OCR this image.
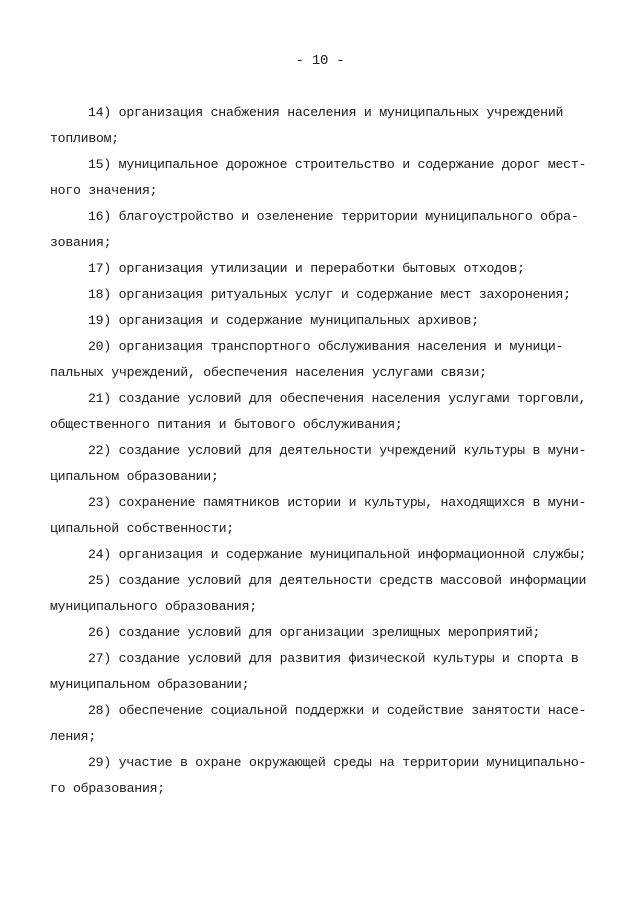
- 10 -
14) организация снабжения населения и муниципальных учреждений
топливом;
15) муниципальное дорожное строительство и содержание дорог мест-
ного значения;
16) благоустройство и озеленение территории муниципального обра-
зования;
17) организация утилизации и переработки бытовых отходов;
18) организация ритуальных услуг и содержание мест захоронения;
19) организация и содержание муниципальных архивов;
20) организация транспортного обслуживания населения и муници-
пальных учреждений, обеспечения населения услугами связи;
21) создание условий для обеспечения населения услугами торговли,
общественного питания и бытового обслуживания;
22) создание условий для деятельности учреждений культуры в муни-
ципальном образовании;
23) сохранение памятников истории и культуры, находящихся в муни-
ципальной собственности;
24) организация и содержание муниципальной информационной службы;
25) создание условий для деятельности средств массовой информации
муниципального образования;
26) создание условий для организации зрелищных мероприятий;
27) создание условий для развития физической культуры и спорта в
муниципальном образовании;
28) обеспечение социальной поддержки и содействие занятости насе-
ления;
29) участие в охране окружающей среды на территории муниципально-
го образования;
